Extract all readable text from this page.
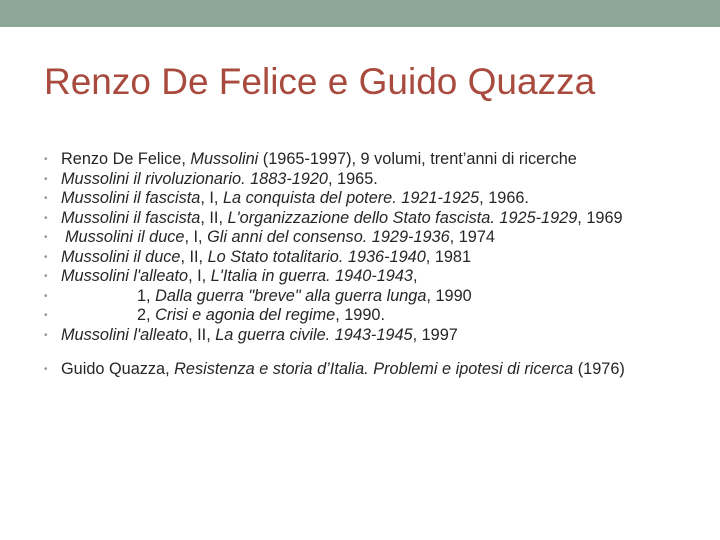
Renzo De Felice e Guido Quazza
• Renzo De Felice, Mussolini (1965-1997), 9 volumi, trent’anni di ricerche
• Mussolini il rivoluzionario. 1883-1920, 1965.
• Mussolini il fascista, I, La conquista del potere. 1921-1925, 1966.
• Mussolini il fascista, II, L'organizzazione dello Stato fascista. 1925-1929, 1969
• Mussolini il duce, I, Gli anni del consenso. 1929-1936, 1974
• Mussolini il duce, II, Lo Stato totalitario. 1936-1940, 1981
• Mussolini l'alleato, I, L'Italia in guerra. 1940-1943,
• 1, Dalla guerra "breve" alla guerra lunga, 1990
• 2, Crisi e agonia del regime, 1990.
• Mussolini l'alleato, II, La guerra civile. 1943-1945, 1997
• Guido Quazza, Resistenza e storia d’Italia. Problemi e ipotesi di ricerca (1976)
